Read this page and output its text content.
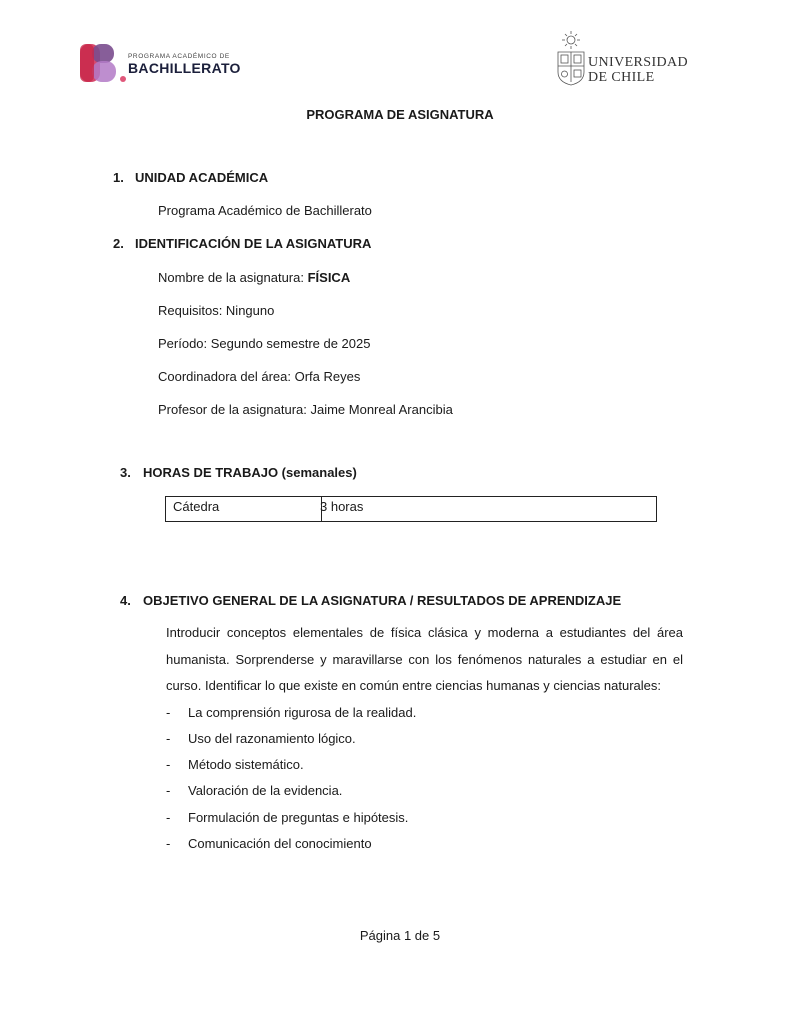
PROGRAMA ACADÉMICO DE
BACHILLERATO	UNIVERSIDAD
DE CHILE
PROGRAMA DE ASIGNATURA
1. UNIDAD ACADÉMICA
Programa Académico de Bachillerato
2. IDENTIFICACIÓN DE LA ASIGNATURA
Nombre de la asignatura: FÍSICA
Requisitos: Ninguno
Período: Segundo semestre de 2025
Coordinadora del área: Orfa Reyes
Profesor de la asignatura: Jaime Monreal Arancibia
3. HORAS DE TRABAJO (semanales)
Cátedra	3 horas
4. OBJETIVO GENERAL DE LA ASIGNATURA / RESULTADOS DE APRENDIZAJE
Introducir conceptos elementales de física clásica y moderna a estudiantes del área
humanista. Sorprenderse y maravillarse con los fenómenos naturales a estudiar en el
curso. Identificar lo que existe en común entre ciencias humanas y ciencias naturales:
- La comprensión rigurosa de la realidad.
- Uso del razonamiento lógico.
- Método sistemático.
- Valoración de la evidencia.
- Formulación de preguntas e hipótesis.
- Comunicación del conocimiento
Página 1 de 5
